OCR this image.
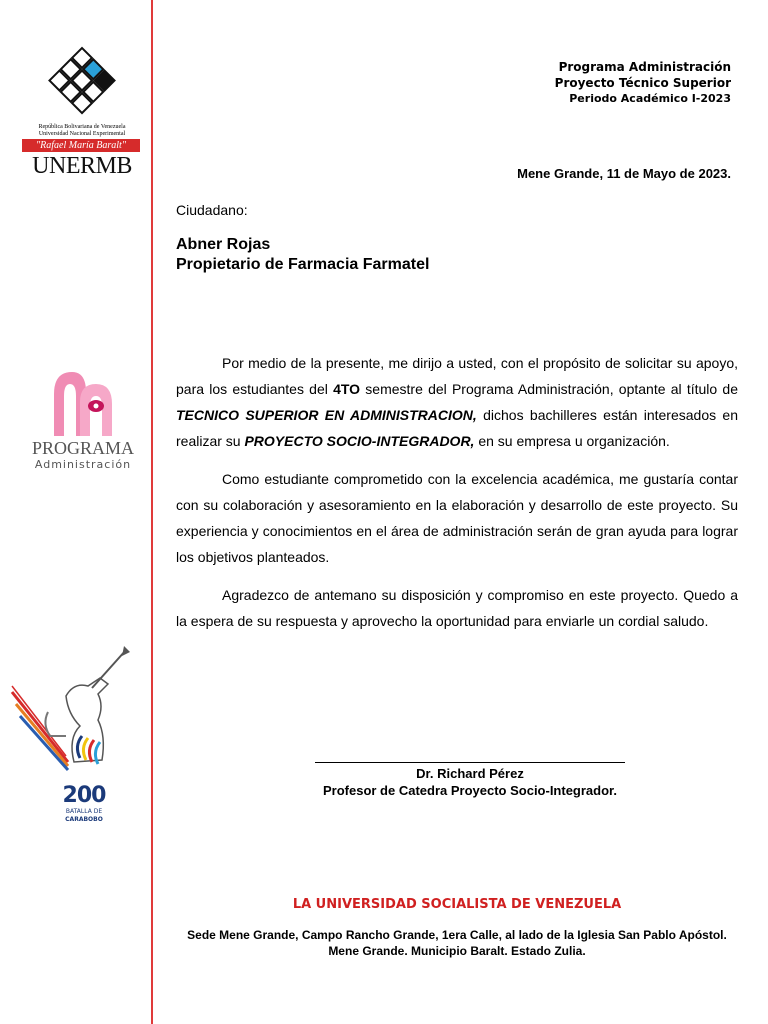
República Bolivariana de Venezuela
Universidad Nacional Experimental
"Rafael María Baralt"
UNERMB
PROGRAMA
Administración
200
BATALLA DE
CARABOBO
Programa Administración
Proyecto Técnico Superior
Periodo Académico I-2023
Mene Grande, 11 de Mayo de 2023.
Ciudadano:
Abner Rojas
Propietario de Farmacia Farmatel

Por medio de la presente, me dirijo a usted, con el propósito de solicitar su apoyo, para los estudiantes del 4TO semestre del Programa Administración, optante al título de TECNICO SUPERIOR EN ADMINISTRACION, dichos bachilleres están interesados en realizar su PROYECTO SOCIO-INTEGRADOR, en su empresa u organización.

Como estudiante comprometido con la excelencia académica, me gustaría contar con su colaboración y asesoramiento en la elaboración y desarrollo de este proyecto. Su experiencia y conocimientos en el área de administración serán de gran ayuda para lograr los objetivos planteados.

Agradezco de antemano su disposición y compromiso en este proyecto. Quedo a la espera de su respuesta y aprovecho la oportunidad para enviarle un cordial saludo.

Dr. Richard Pérez
Profesor de Catedra Proyecto Socio-Integrador.
LA UNIVERSIDAD SOCIALISTA DE VENEZUELA
Sede Mene Grande, Campo Rancho Grande, 1era Calle, al lado de la Iglesia San Pablo Apóstol. Mene Grande. Municipio Baralt. Estado Zulia.
